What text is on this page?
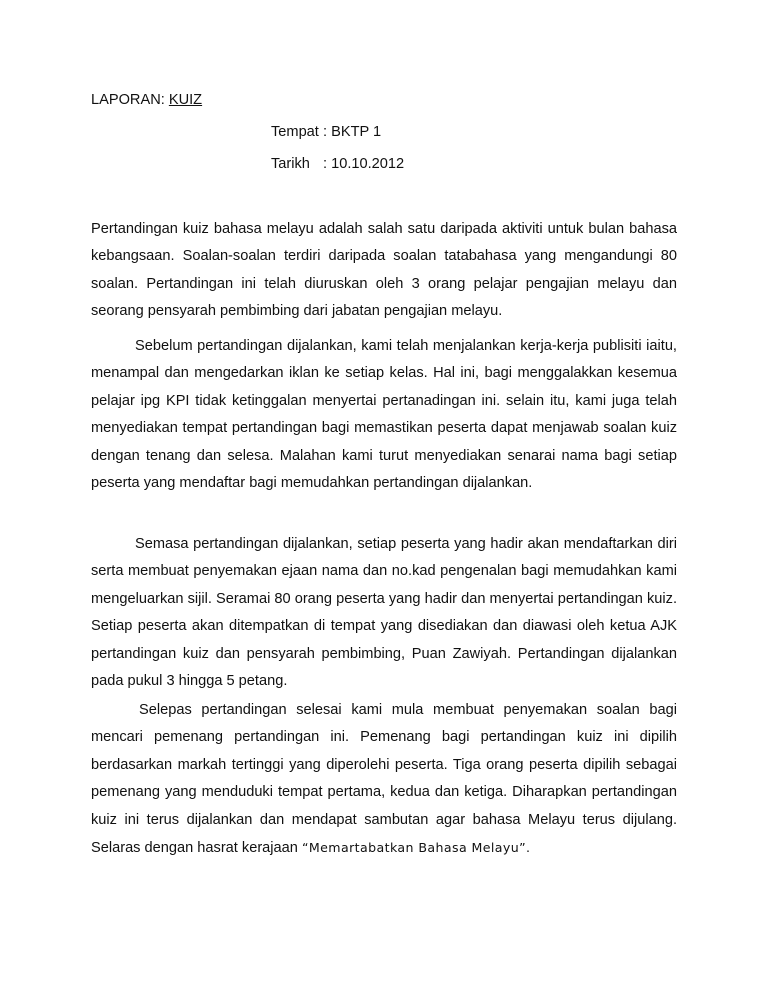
LAPORAN: KUIZ
Tempat : BKTP 1
Tarikh : 10.10.2012

Pertandingan kuiz bahasa melayu adalah salah satu daripada aktiviti untuk bulan bahasa kebangsaan. Soalan-soalan terdiri daripada soalan tatabahasa yang mengandungi 80 soalan. Pertandingan ini telah diuruskan oleh 3 orang pelajar pengajian melayu dan seorang pensyarah pembimbing dari jabatan pengajian melayu.

Sebelum pertandingan dijalankan, kami telah menjalankan kerja-kerja publisiti iaitu, menampal dan mengedarkan iklan ke setiap kelas. Hal ini, bagi menggalakkan kesemua pelajar ipg KPI tidak ketinggalan menyertai pertanadingan ini. selain itu, kami juga telah menyediakan tempat pertandingan bagi memastikan peserta dapat menjawab soalan kuiz dengan tenang dan selesa. Malahan kami turut menyediakan senarai nama bagi setiap peserta yang mendaftar bagi memudahkan pertandingan dijalankan.

Semasa pertandingan dijalankan, setiap peserta yang hadir akan mendaftarkan diri serta membuat penyemakan ejaan nama dan no.kad pengenalan bagi memudahkan kami mengeluarkan sijil. Seramai 80 orang peserta yang hadir dan menyertai pertandingan kuiz. Setiap peserta akan ditempatkan di tempat yang disediakan dan diawasi oleh ketua AJK pertandingan kuiz dan pensyarah pembimbing, Puan Zawiyah. Pertandingan dijalankan pada pukul 3 hingga 5 petang.

Selepas pertandingan selesai kami mula membuat penyemakan soalan bagi mencari pemenang pertandingan ini. Pemenang bagi pertandingan kuiz ini dipilih berdasarkan markah tertinggi yang diperolehi peserta. Tiga orang peserta dipilih sebagai pemenang yang menduduki tempat pertama, kedua dan ketiga. Diharapkan pertandingan kuiz ini terus dijalankan dan mendapat sambutan agar bahasa Melayu terus dijulang. Selaras dengan hasrat kerajaan “Memartabatkan Bahasa Melayu”.
